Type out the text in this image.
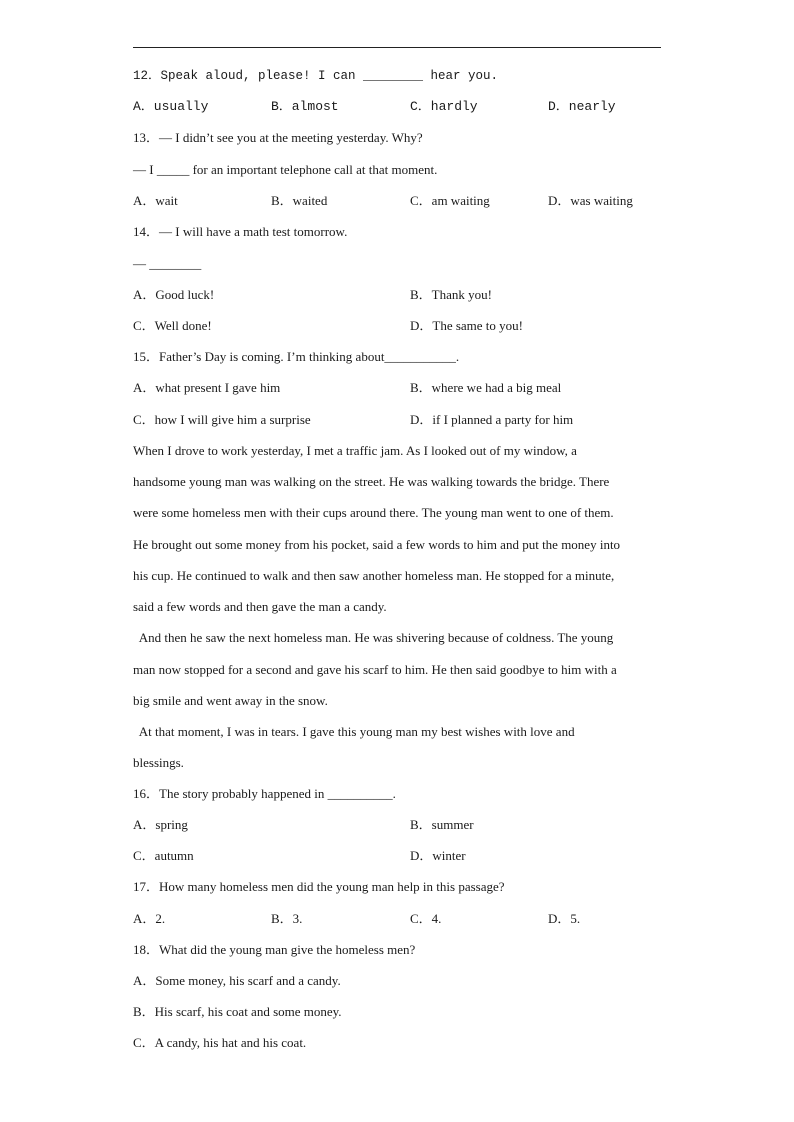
12．Speak aloud, please! I can ________ hear you.
A．usually	B．almost	C．hardly	D．nearly
13．— I didn’t see you at the meeting yesterday. Why?
— I _____ for an important telephone call at that moment.
A．wait	B．waited	C．am waiting	D．was waiting
14．— I will have a math test tomorrow.
— ________
A．Good luck!	B．Thank you!
C．Well done!	D．The same to you!
15．Father’s Day is coming. I’m thinking about___________.
A．what present I gave him	B．where we had a big meal
C．how I will give him a surprise	D．if I planned a party for him
When I drove to work yesterday, I met a traffic jam. As I looked out of my window, a
handsome young man was walking on the street. He was walking towards the bridge. There
were some homeless men with their cups around there. The young man went to one of them.
He brought out some money from his pocket, said a few words to him and put the money into
his cup. He continued to walk and then saw another homeless man. He stopped for a minute,
said a few words and then gave the man a candy.
And then he saw the next homeless man. He was shivering because of coldness. The young
man now stopped for a second and gave his scarf to him. He then said goodbye to him with a
big smile and went away in the snow.
At that moment, I was in tears. I gave this young man my best wishes with love and
blessings.
16．The story probably happened in __________.
A．spring	B．summer
C．autumn	D．winter
17．How many homeless men did the young man help in this passage?
A．2.	B．3.	C．4.	D．5.
18．What did the young man give the homeless men?
A．Some money, his scarf and a candy.
B．His scarf, his coat and some money.
C．A candy, his hat and his coat.
